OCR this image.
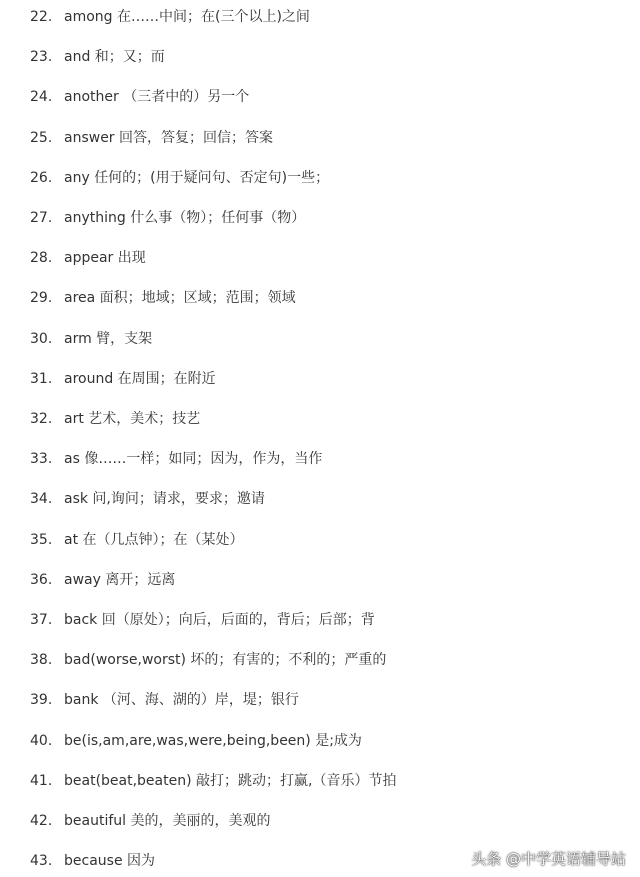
22. among 在……中间；在(三个以上)之间
23. and 和；又；而
24. another （三者中的）另一个
25. answer 回答，答复；回信；答案
26. any 任何的；(用于疑问句、否定句)一些；
27. anything 什么事（物）；任何事（物）
28. appear 出现
29. area 面积；地域；区域；范围；领域
30. arm 臂，支架
31. around 在周围；在附近
32. art 艺术，美术；技艺
33. as 像……一样；如同；因为，作为，当作
34. ask 问,询问；请求，要求；邀请
35. at 在（几点钟）；在（某处）
36. away 离开；远离
37. back 回（原处）；向后，后面的，背后；后部；背
38. bad(worse,worst) 坏的；有害的；不利的；严重的
39. bank （河、海、湖的）岸，堤；银行
40. be(is,am,are,was,were,being,been) 是;成为
41. beat(beat,beaten) 敲打；跳动；打赢,（音乐）节拍
42. beautiful 美的，美丽的，美观的
43. because 因为	头条 @中学英语辅导站
